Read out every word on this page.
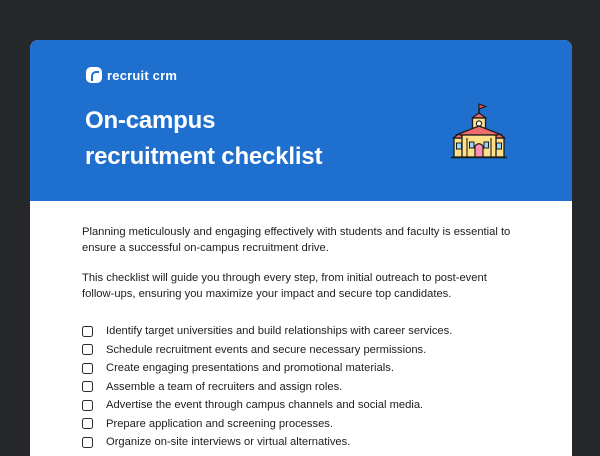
recruit crm
On-campus
recruitment checklist

Planning meticulously and engaging effectively with students and faculty is essential to ensure a successful on-campus recruitment drive.

This checklist will guide you through every step, from initial outreach to post-event follow-ups, ensuring you maximize your impact and secure top candidates.

Identify target universities and build relationships with career services.
Schedule recruitment events and secure necessary permissions.
Create engaging presentations and promotional materials.
Assemble a team of recruiters and assign roles.
Advertise the event through campus channels and social media.
Prepare application and screening processes.
Organize on-site interviews or virtual alternatives.
